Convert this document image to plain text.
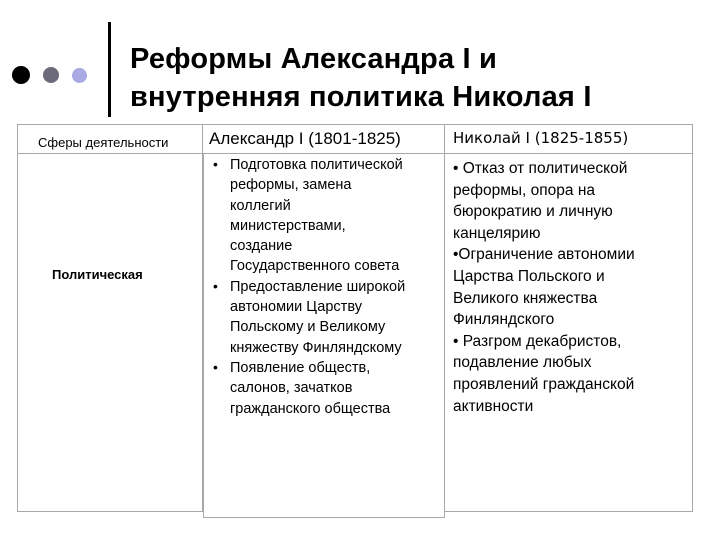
Реформы Александра I и
внутренняя политика Николая I
Сферы деятельности Александр I (1801-1825)	Николай I (1825-1855)
Политическая
• Подготовка политической
реформы, замена
коллегий
министерствами,
создание
Государственного совета
• Предоставление широкой
автономии Царству
Польскому и Великому
княжеству Финляндскому
• Появление обществ,
салонов, зачатков
гражданского общества
• Отказ от политической
реформы, опора на
бюрократию и личную
канцелярию
•Ограничение автономии
Царства Польского и
Великого княжества
Финляндского
• Разгром декабристов,
подавление любых
проявлений гражданской
активности
